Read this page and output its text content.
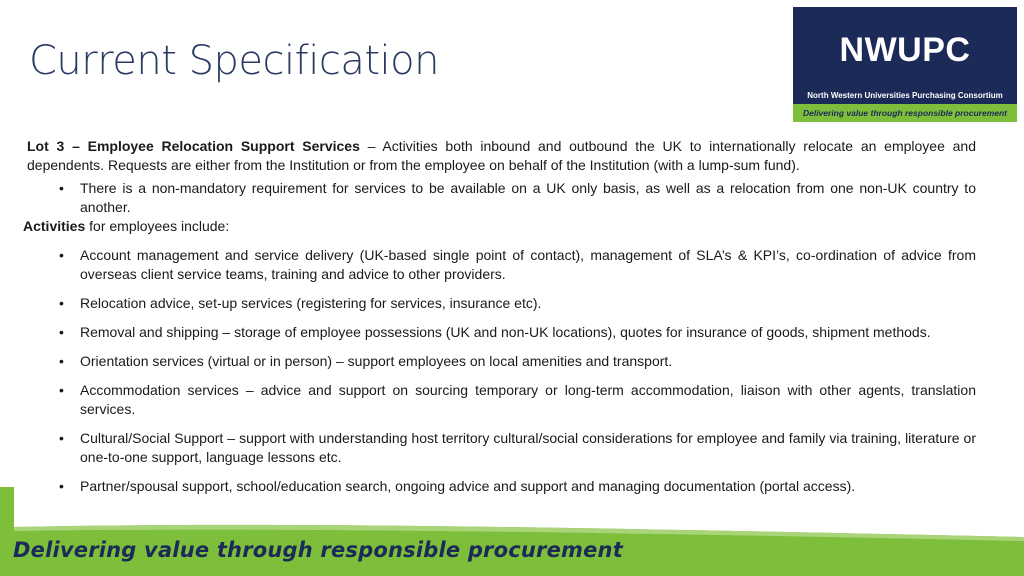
Current Specification	NWUPC
North Western Universities Purchasing Consortium
Delivering value through responsible procurement

Lot 3 – Employee Relocation Support Services – Activities both inbound and outbound the UK to internationally relocate an employee and dependents. Requests are either from the Institution or from the employee on behalf of the Institution (with a lump-sum fund).

• There is a non-mandatory requirement for services to be available on a UK only basis, as well as a relocation from one non-UK country to another.

Activities for employees include:

• Account management and service delivery (UK-based single point of contact), management of SLA’s & KPI’s, co-ordination of advice from overseas client service teams, training and advice to other providers.
• Relocation advice, set-up services (registering for services, insurance etc).
• Removal and shipping – storage of employee possessions (UK and non-UK locations), quotes for insurance of goods, shipment methods.
• Orientation services (virtual or in person) – support employees on local amenities and transport.
• Accommodation services – advice and support on sourcing temporary or long-term accommodation, liaison with other agents, translation services.
• Cultural/Social Support – support with understanding host territory cultural/social considerations for employee and family via training, literature or one-to-one support, language lessons etc.
• Partner/spousal support, school/education search, ongoing advice and support and managing documentation (portal access).
Delivering value through responsible procurement
